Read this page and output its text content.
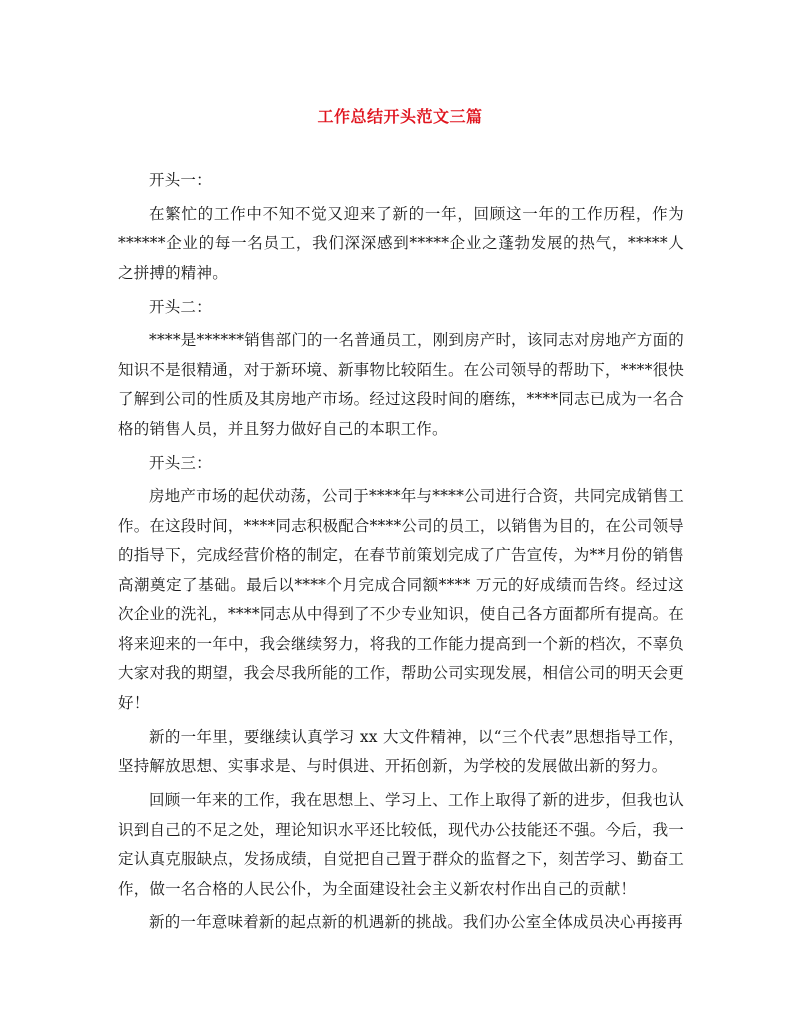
工作总结开头范文三篇

开头一：

在繁忙的工作中不知不觉又迎来了新的一年，回顾这一年的工作历程，作为******企业的每一名员工，我们深深感到*****企业之蓬勃发展的热气，*****人之拼搏的精神。

开头二：

****是******销售部门的一名普通员工，刚到房产时，该同志对房地产方面的知识不是很精通，对于新环境、新事物比较陌生。在公司领导的帮助下，****很快了解到公司的性质及其房地产市场。经过这段时间的磨练，****同志已成为一名合格的销售人员，并且努力做好自己的本职工作。

开头三：

房地产市场的起伏动荡，公司于****年与****公司进行合资，共同完成销售工作。在这段时间，****同志积极配合****公司的员工，以销售为目的，在公司领导的指导下，完成经营价格的制定，在春节前策划完成了广告宣传，为**月份的销售高潮奠定了基础。最后以****个月完成合同额**** 万元的好成绩而告终。经过这次企业的洗礼，****同志从中得到了不少专业知识，使自己各方面都所有提高。在将来迎来的一年中，我会继续努力，将我的工作能力提高到一个新的档次，不辜负大家对我的期望，我会尽我所能的工作，帮助公司实现发展，相信公司的明天会更好！

新的一年里，要继续认真学习 xx 大文件精神，以“三个代表”思想指导工作，坚持解放思想、实事求是、与时俱进、开拓创新，为学校的发展做出新的努力。

回顾一年来的工作，我在思想上、学习上、工作上取得了新的进步，但我也认识到自己的不足之处，理论知识水平还比较低，现代办公技能还不强。今后，我一定认真克服缺点，发扬成绩，自觉把自己置于群众的监督之下，刻苦学习、勤奋工作，做一名合格的人民公仆，为全面建设社会主义新农村作出自己的贡献！

新的一年意味着新的起点新的机遇新的挑战。我们办公室全体成员决心再接再
